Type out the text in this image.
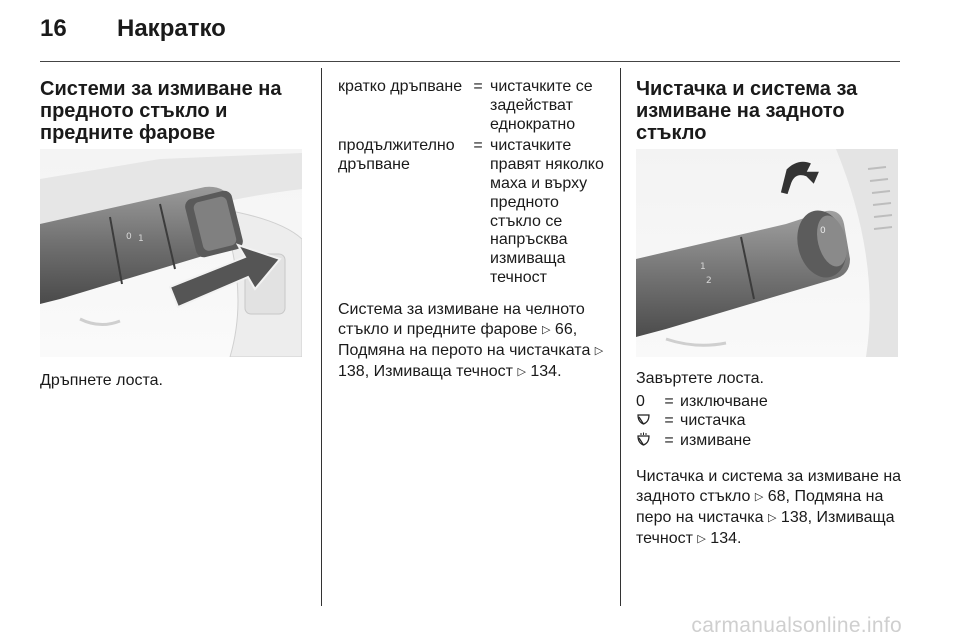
16 Накратко
Системи за измиване на предното стъкло и предните фарове
0 1

Дръпнете лоста.

кратко дръпване	=	чистачките се задействат еднократно
продължително дръпване	=	чистачките правят няколко маха и върху предното стъкло се напръсква измиваща течност

Система за измиване на челното стъкло и предните фарове ▷ 66, Подмяна на перото на чистачката ▷ 138, Измиваща течност ▷ 134.

Чистачка и система за измиване на задното стъкло
1
2
0

Завъртете лоста.

0	=	изключване
	=	чистачка
	=	измиване

Чистачка и система за измиване на задното стъкло ▷ 68, Подмяна на перо на чистачка ▷ 138, Измиваща течност ▷ 134.

carmanualsonline.info
